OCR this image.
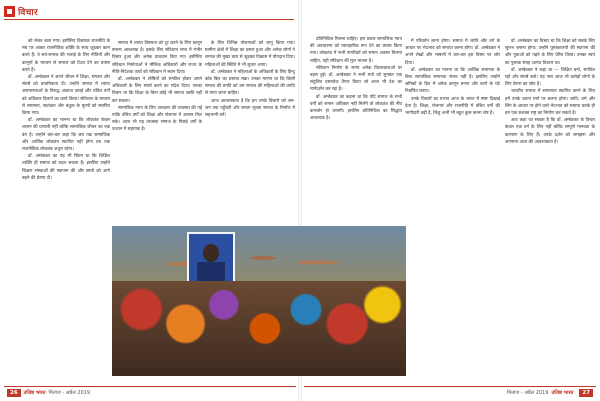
विचार

को लेकर चला गया। इसीलिए विचारक राजनीति के मंच पर आकर राजनीतिक शक्ति के साथ जुड़कर काम करते हैं। वे सर्व-समाज की भलाई के लिए नीतियों और कानूनों के माध्यम से समाज को दिशा देने का प्रयास करते हैं।

डॉ. अम्बेडकर ने अपने जीवन में शिक्षा, संगठन और संघर्ष को प्राथमिकता दी। उन्होंने समाज में व्याप्त असमानताओं के विरुद्ध आवाज उठाई और वंचित वर्गों को अधिकार दिलाने का कार्य किया। संविधान के माध्यम से समानता, स्वतंत्रता और बंधुत्व के मूल्यों को स्थापित किया गया।

डॉ. अम्बेडकर का मानना था कि लोकतंत्र केवल शासन की प्रणाली नहीं बल्कि सामाजिक जीवन का एक ढंग है। उन्होंने बार-बार कहा कि जब तक सामाजिक और आर्थिक लोकतंत्र स्थापित नहीं होगा तब तक राजनीतिक लोकतंत्र अधूरा रहेगा।

डॉ. अम्बेडकर का यह भी चिंतन था कि शिक्षित व्यक्ति ही समाज को बदल सकता है। इसलिए उन्होंने शिक्षण संस्थाओं की स्थापना की और छात्रों को आगे बढ़ने की प्रेरणा दी।

समाज में व्याप्त विषमता को दूर करने के लिए कानून बनाना आवश्यक है। इसके लिए संविधान सभा में गंभीर विचार हुआ और अनेक प्रावधान किए गए। इसीलिए संविधान निर्माताओं ने मौलिक अधिकारों और राज्य के नीति-निदेशक तत्वों को संविधान में स्थान दिया।

डॉ. अम्बेडकर ने शोषितों को संगठित होकर अपने अधिकारों के लिए संघर्ष करने का संदेश दिया। उनका विचार था कि शिक्षा के बिना कोई भी समाज उन्नति नहीं कर सकता।

सामाजिक न्याय के लिए आरक्षण की व्यवस्था की गई ताकि वंचित वर्गों को शिक्षा और रोजगार में अवसर मिल सके। आज भी यह व्यवस्था समाज के पिछड़े वर्गों के उत्थान में सहायक है।

के लिए विभिन्न योजनाओं को लागू किया गया। ग्रामीण क्षेत्रों में शिक्षा का प्रसार हुआ और अनेक लोगों ने समाज की मुख्य धारा से जुड़कर विकास में योगदान दिया। महिलाओं की स्थिति में भी सुधार आया।

डॉ. अम्बेडकर ने महिलाओं के अधिकारों के लिए हिन्दू कोड बिल का प्रस्ताव रखा। उनका मानना था कि किसी समाज की प्रगति को उस समाज की महिलाओं की प्रगति से मापा जाना चाहिए।

आज आवश्यकता है कि हम उनके विचारों को जन-जन तक पहुँचाएँ और समता मूलक समाज के निर्माण में सहभागी बनें।

प्रतिनिधित्व मिलना चाहिए। इस प्रकार सामाजिक न्याय की अवधारणा को व्यावहारिक रूप देने का प्रयास किया गया। लोकतंत्र में सभी नागरिकों को समान अवसर मिलना चाहिए, यही संविधान की मूल भावना है।

संविधान निर्माण के समय अनेक विचारधाराओं पर बहस हुई। डॉ. अम्बेडकर ने सभी मतों को सुनकर एक संतुलित दस्तावेज तैयार किया जो आज भी देश का मार्गदर्शन कर रहा है।

डॉ. अम्बेडकर का कहना था कि यदि समाज के सभी वर्गों को समान अधिकार नहीं मिलेंगे तो लोकतंत्र की नींव कमजोर हो जाएगी। इसलिए प्रतिनिधित्व का सिद्धांत आवश्यक है।

में परिवर्तन लाना होगा। समाज में जाति और वर्ग के आधार पर भेदभाव को समाप्त करना होगा। डॉ. अम्बेडकर ने अपने लेखों और भाषणों में बार-बार इस विषय पर जोर दिया।

डॉ. अम्बेडकर का मानना था कि आर्थिक समानता के बिना सामाजिक समानता संभव नहीं है। इसलिए उन्होंने श्रमिकों के हित में अनेक कानून बनाए और कार्य के घंटे निर्धारित कराए।

उनके विचारों का प्रभाव आज के भारत में स्पष्ट दिखाई देता है। शिक्षा, रोजगार और राजनीति में वंचित वर्गों की भागीदारी बढ़ी है, किंतु अभी भी बहुत कुछ करना शेष है।

डॉ. अम्बेडकर का विचार था कि शिक्षा को सबके लिए सुलभ बनाना होगा। उन्होंने पुस्तकालयों की स्थापना की और युवाओं को पढ़ने के लिए प्रेरित किया। उनका स्वयं का पुस्तक संग्रह अत्यंत विशाल था।

डॉ. अम्बेडकर ने कहा था — शिक्षित बनो, संगठित रहो और संघर्ष करो। यह नारा आज भी करोड़ों लोगों के लिए प्रेरणा का स्रोत है।

भारतीय समाज में समरसता स्थापित करने के लिए हमें उनके बताए मार्ग पर चलना होगा। जाति, धर्म और लिंग के आधार पर होने वाले भेदभाव को समाप्त करके ही हम एक सशक्त राष्ट्र का निर्माण कर सकते हैं।

अतः कहा जा सकता है कि डॉ. अम्बेडकर के विचार केवल एक वर्ग के लिए नहीं बल्कि सम्पूर्ण मानवता के कल्याण के लिए हैं। उनके दर्शन को समझना और अपनाना आज की आवश्यकता है।

26	उत्तिष्ठ भारत मिताज - अप्रैल 2019	मिताज - अप्रैल 2019 उत्तिष्ठ भारत	27
